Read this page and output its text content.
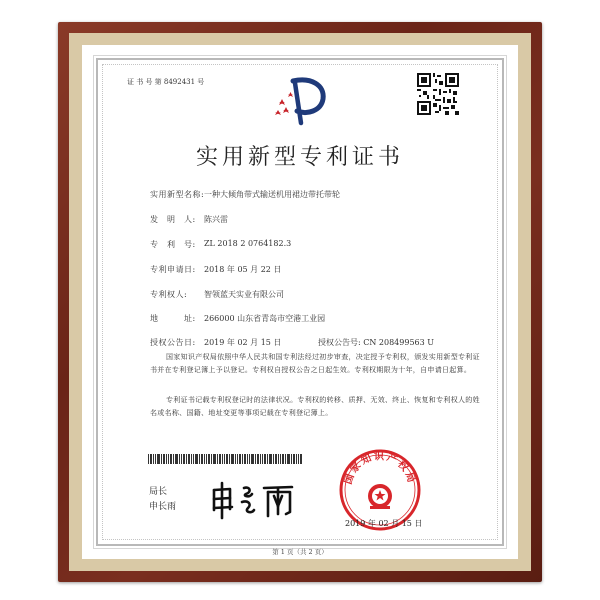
证 书 号 第 8492431 号
实用新型专利证书
实用新型名称: 一种大倾角带式输送机用裙边带托带轮
发　明　人: 陈兴雷
专　利　号: ZL 2018 2 0764182.3
专利申请日: 2018 年 05 月 22 日
专利权人: 智领蓝天实业有限公司
地　　　址: 266000 山东省青岛市空港工业园
授权公告日: 2019 年 02 月 15 日	授权公告号: CN 208499563 U
国家知识产权局依照中华人民共和国专利法经过初步审查，决定授予专利权，颁发实用新型专利证书并在专利登记簿上予以登记。专利权自授权公告之日起生效。专利权期限为十年，自申请日起算。
专利证书记载专利权登记时的法律状况。专利权的转移、质押、无效、终止、恢复和专利权人的姓名或名称、国籍、地址变更等事项记载在专利登记簿上。
局长
申长雨
国家知识产权局
2019 年 02 月 15 日
第 1 页（共 2 页）
